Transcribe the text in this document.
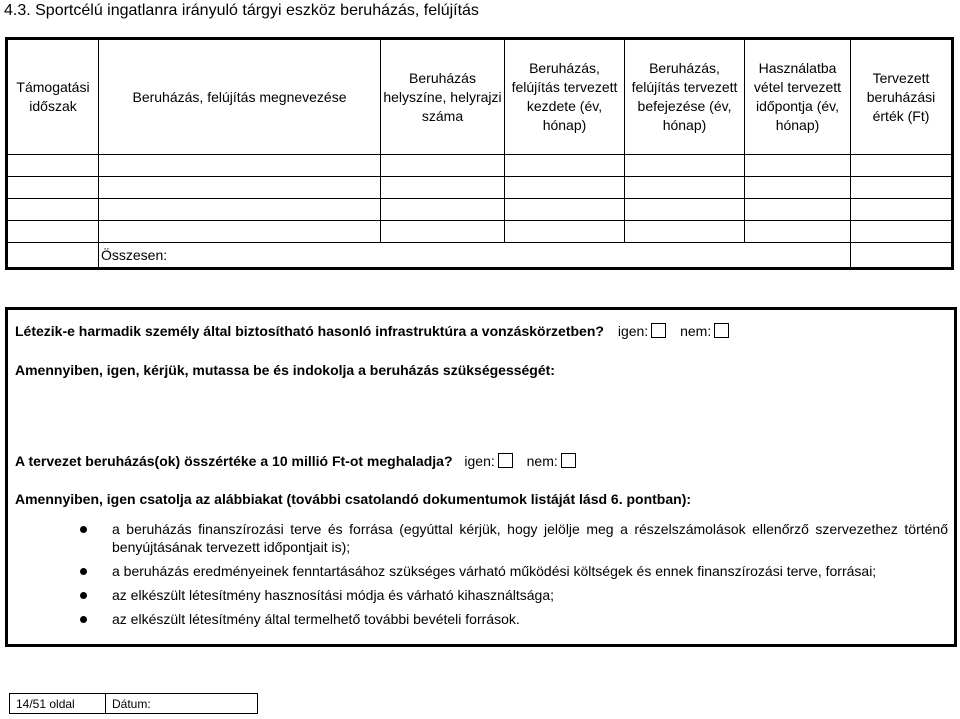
4.3. Sportcélú ingatlanra irányuló tárgyi eszköz beruházás, felújítás
Támogatási időszak	Beruházás, felújítás megnevezése	Beruházás helyszíne, helyrajzi száma	Beruházás, felújítás tervezett kezdete (év, hónap)	Beruházás, felújítás tervezett befejezése (év, hónap)	Használatba vétel tervezett időpontja (év, hónap)	Tervezett beruházási érték (Ft)

	Összesen:					
Létezik-e harmadik személy által biztosítható hasonló infrastruktúra a vonzáskörzetben? igen: nem:
Amennyiben, igen, kérjük, mutassa be és indokolja a beruházás szükségességét:
A tervezet beruházás(ok) összértéke a 10 millió Ft-ot meghaladja? igen: nem:
Amennyiben, igen csatolja az alábbiakat (további csatolandó dokumentumok listáját lásd 6. pontban):
a beruházás finanszírozási terve és forrása (egyúttal kérjük, hogy jelölje meg a részelszámolások ellenőrző szervezethez történő benyújtásának tervezett időpontjait is);
a beruházás eredményeinek fenntartásához szükséges várható működési költségek és ennek finanszírozási terve, forrásai;
az elkészült létesítmény hasznosítási módja és várható kihasználtsága;
az elkészült létesítmény által termelhető további bevételi források.
14/51 oldal	Dátum:
